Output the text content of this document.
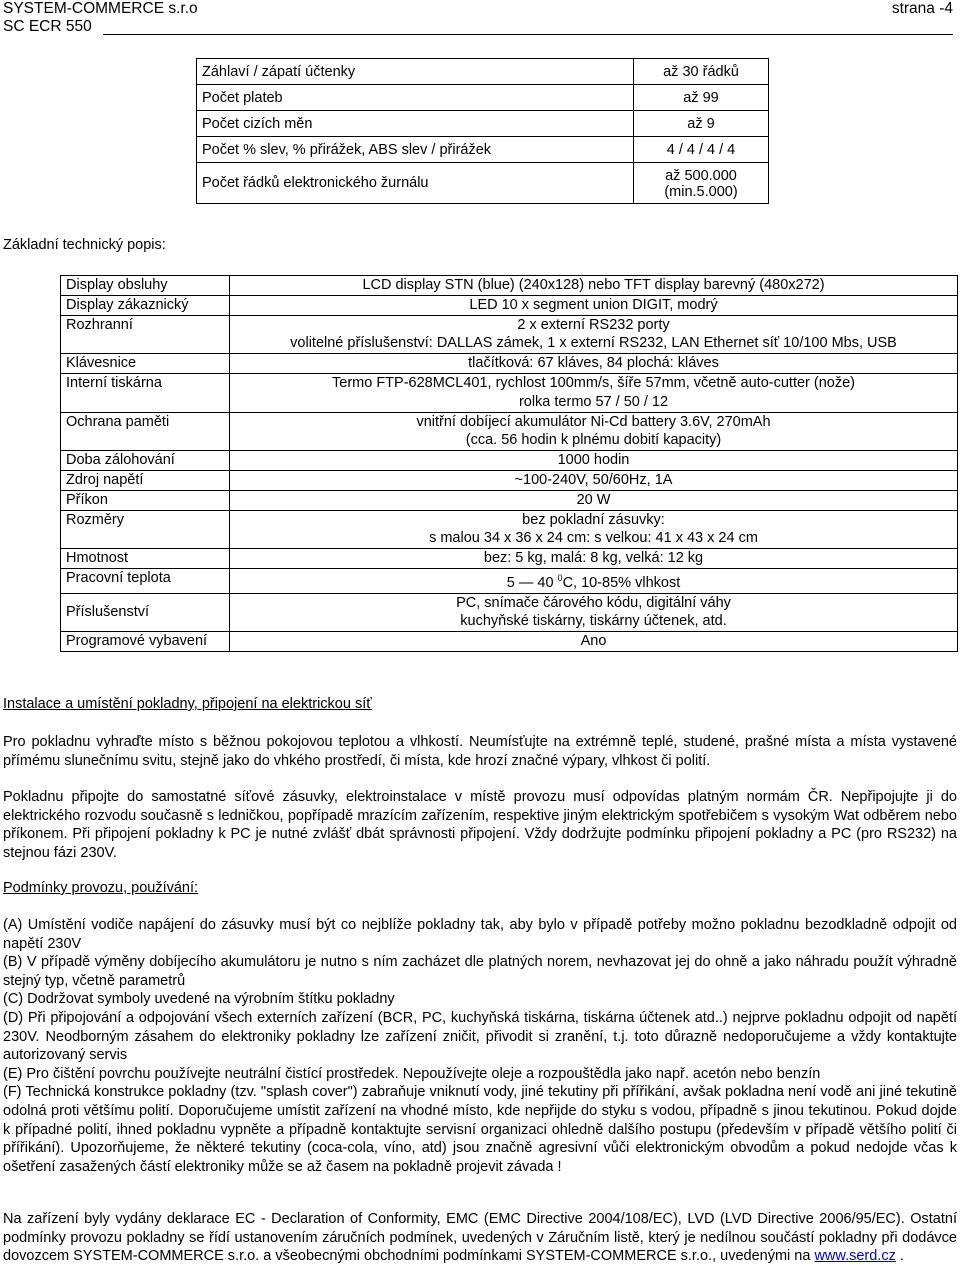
SYSTEM-COMMERCE s.r.o
SC ECR 550
strana -4
Záhlaví / zápatí účtenky	až 30 řádků
Počet plateb	až 99
Počet cizích měn	až 9
Počet % slev, % přirážek, ABS slev / přirážek	4 / 4 / 4 / 4
Počet řádků elektronického žurnálu	až 500.000
(min.5.000)
Základní technický popis:
Display obsluhy	LCD display STN (blue) (240x128) nebo TFT display barevný (480x272)

Display zákaznický	LED 10 x segment union DIGIT, modrý

Rozhranní	2 x externí RS232 porty
volitelné příslušenství: DALLAS zámek, 1 x externí RS232, LAN Ethernet síť 10/100 Mbs, USB

Klávesnice	tlačítková: 67 kláves, 84 plochá: kláves

Interní tiskárna	Termo FTP-628MCL401, rychlost 100mm/s, šíře 57mm, včetně auto-cutter (nože)
rolka termo 57 / 50 / 12

Ochrana paměti	vnitřní dobíjecí akumulátor Ni-Cd battery 3.6V, 270mAh
(cca. 56 hodin k plnému dobití kapacity)

Doba zálohování	1000 hodin

Zdroj napětí	~100-240V, 50/60Hz, 1A

Příkon	20 W

Rozměry	bez pokladní zásuvky:
s malou 34 x 36 x 24 cm: s velkou: 41 x 43 x 24 cm

Hmotnost	bez: 5 kg, malá: 8 kg, velká: 12 kg

Pracovní teplota	5 — 40 $^0$C, 10-85% vlhkost

Příslušenství	PC, snímače čárového kódu, digitální váhy
kuchyňské tiskárny, tiskárny účtenek, atd.

Programové vybavení	Ano
Instalace a umístění pokladny, připojení na elektrickou síť

Pro pokladnu vyhraďte místo s běžnou pokojovou teplotou a vlhkostí. Neumísťujte na extrémně teplé, studené, prašné místa a místa vystavené přímému slunečnímu svitu, stejně jako do vhkého prostředí, či místa, kde hrozí značné výpary, vlhkost či polití.

Pokladnu připojte do samostatné síťové zásuvky, elektroinstalace v místě provozu musí odpovídas platným normám ČR. Nepřipojujte ji do elektrického rozvodu současně s ledničkou, popřípadě mrazícím zařízením, respektive jiným elektrickým spotřebičem s vysokým Wat odběrem nebo příkonem. Při připojení pokladny k PC je nutné zvlášť dbát správnosti připojení. Vždy dodržujte podmínku připojení pokladny a PC (pro RS232) na stejnou fázi 230V.

Podmínky provozu, používání:

(A) Umístění vodiče napájení do zásuvky musí být co nejblíže pokladny tak, aby bylo v případě potřeby možno pokladnu bezodkladně odpojit od napětí 230V

(B) V případě výměny dobíjecího akumulátoru je nutno s ním zacházet dle platných norem, nevhazovat jej do ohně a jako náhradu použít výhradně stejný typ, včetně parametrů

(C) Dodržovat symboly uvedené na výrobním štítku pokladny

(D) Při připojování a odpojování všech externích zařízení (BCR, PC, kuchyňská tiskárna, tiskárna účtenek atd..) nejprve pokladnu odpojit od napětí 230V. Neodborným zásahem do elektroniky pokladny lze zařízení zničit, přivodit si zranění, t.j. toto důrazně nedoporučujeme a vždy kontaktujte autorizovaný servis

(E) Pro čištění povrchu používejte neutrální čistící prostředek. Nepoužívejte oleje a rozpouštědla jako např. acetón nebo benzín

(F) Technická konstrukce pokladny (tzv. "splash cover") zabraňuje vniknutí vody, jiné tekutiny při přířikání, avšak pokladna není vodě ani jiné tekutině odolná proti většímu polití. Doporučujeme umístit zařízení na vhodné místo, kde nepřijde do styku s vodou, případně s jinou tekutinou. Pokud dojde k případné polití, ihned pokladnu vypněte a případně kontaktujte servisní organizaci ohledně dalšího postupu (především v případě většího polití či přířikání). Upozorňujeme, že některé tekutiny (coca-cola, víno, atd) jsou značně agresivní vůči elektronickým obvodům a pokud nedojde včas k ošetření zasažených částí elektroniky může se až časem na pokladně projevit závada !

Na zařízení byly vydány deklarace EC - Declaration of Conformity, EMC (EMC Directive 2004/108/EC), LVD (LVD Directive 2006/95/EC). Ostatní podmínky provozu pokladny se řídí ustanovením záručních podmínek, uvedených v Záručním listě, který je nedílnou součástí pokladny při dodávce dovozcem SYSTEM-COMMERCE s.r.o. a všeobecnými obchodními podmínkami SYSTEM-COMMERCE s.r.o., uvedenými na www.serd.cz .
